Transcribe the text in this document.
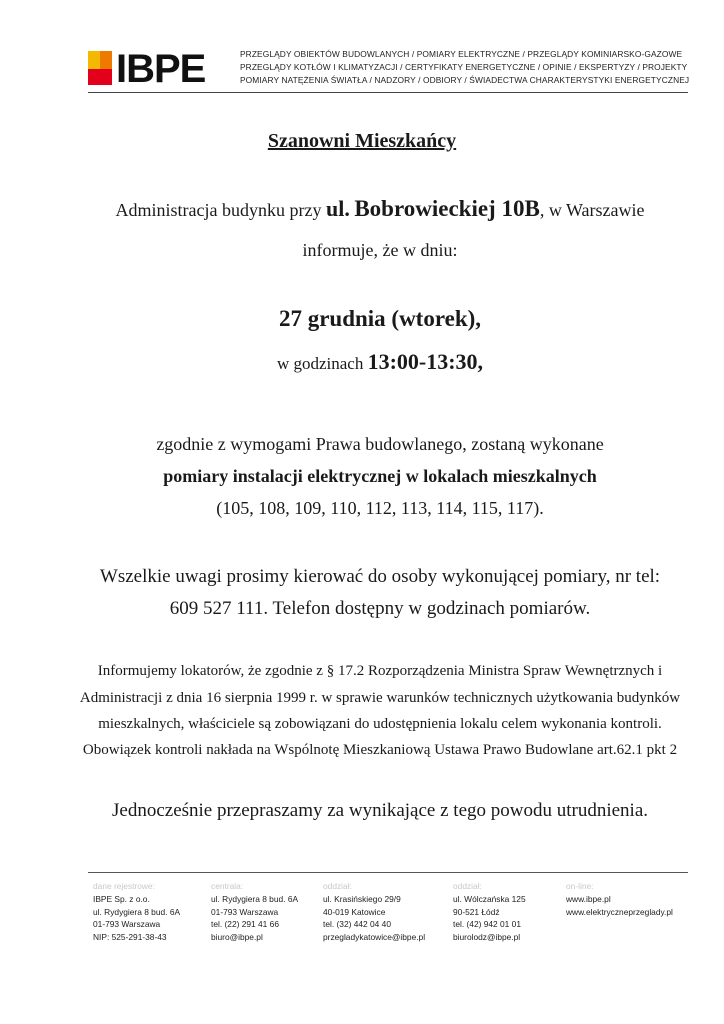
IBPE	PRZEGLĄDY OBIEKTÓW BUDOWLANYCH / POMIARY ELEKTRYCZNE / PRZEGLĄDY KOMINIARSKO-GAZOWE
PRZEGLĄDY KOTŁÓW I KLIMATYZACJI / CERTYFIKATY ENERGETYCZNE / OPINIE / EKSPERTYZY / PROJEKTY
POMIARY NATĘŻENIA ŚWIATŁA / NADZORY / ODBIORY / ŚWIADECTWA CHARAKTERYSTYKI ENERGETYCZNEJ
Szanowni Mieszkańcy
Administracja budynku przy ul. Bobrowieckiej 10B, w Warszawie
informuje, że w dniu:
27 grudnia (wtorek),
w godzinach 13:00-13:30,
zgodnie z wymogami Prawa budowlanego, zostaną wykonane
pomiary instalacji elektrycznej w lokalach mieszkalnych
(105, 108, 109, 110, 112, 113, 114, 115, 117).
Wszelkie uwagi prosimy kierować do osoby wykonującej pomiary, nr tel:
609 527 111. Telefon dostępny w godzinach pomiarów.
Informujemy lokatorów, że zgodnie z § 17.2 Rozporządzenia Ministra Spraw Wewnętrznych i
Administracji z dnia 16 sierpnia 1999 r. w sprawie warunków technicznych użytkowania budynków
mieszkalnych, właściciele są zobowiązani do udostępnienia lokalu celem wykonania kontroli.
Obowiązek kontroli nakłada na Wspólnotę Mieszkaniową Ustawa Prawo Budowlane art.62.1 pkt 2
Jednocześnie przepraszamy za wynikające z tego powodu utrudnienia.
dane rejestrowe:
IBPE Sp. z o.o.
ul. Rydygiera 8 bud. 6A
01-793 Warszawa
NIP: 525-291-38-43
centrala:
ul. Rydygiera 8 bud. 6A
01-793 Warszawa
tel. (22) 291 41 66
biuro@ibpe.pl
oddział:
ul. Krasińskiego 29/9
40-019 Katowice
tel. (32) 442 04 40
przegladykatowice@ibpe.pl
oddział:
ul. Wólczańska 125
90-521 Łódź
tel. (42) 942 01 01
biurolodz@ibpe.pl
on-line:
www.ibpe.pl
www.elektryczneprzeglady.pl
